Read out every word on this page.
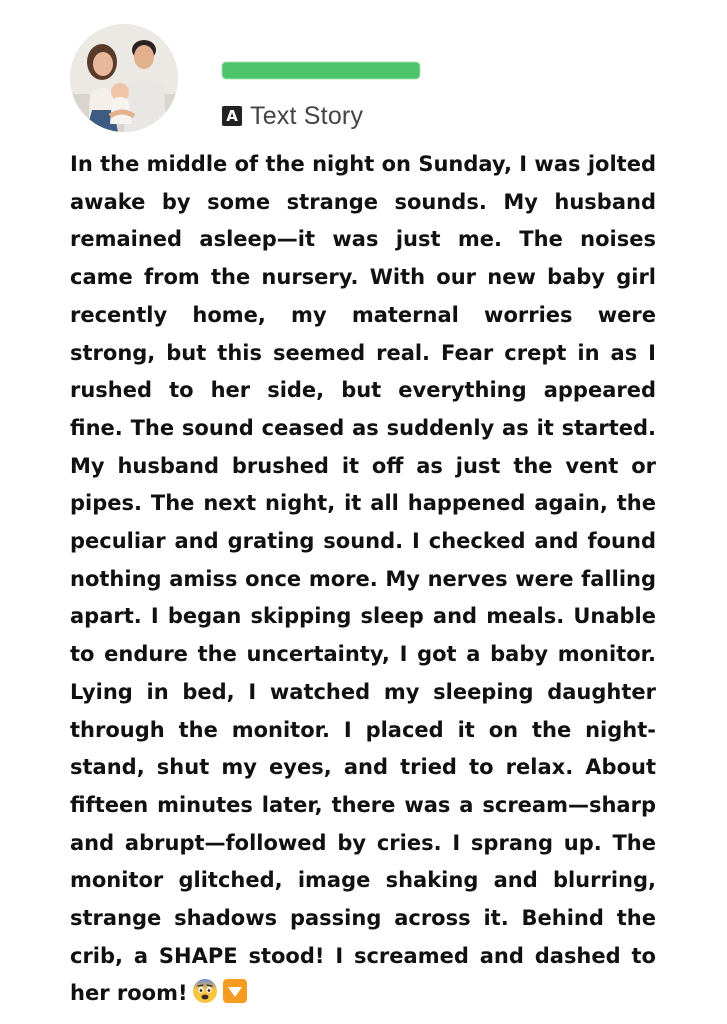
A Text Story

In the middle of the night on Sunday, I was jolted awake by some strange sounds. My husband remained asleep—it was just me. The noises came from the nursery. With our new baby girl recently home, my maternal worries were strong, but this seemed real. Fear crept in as I rushed to her side, but everything appeared fine. The sound ceased as suddenly as it started. My husband brushed it off as just the vent or pipes. The next night, it all happened again, the peculiar and grating sound. I checked and found nothing amiss once more. My nerves were falling apart. I began skipping sleep and meals. Unable to endure the uncertainty, I got a baby monitor. Lying in bed, I watched my sleeping daughter through the monitor. I placed it on the nightstand, shut my eyes, and tried to relax. About fifteen minutes later, there was a scream—sharp and abrupt—followed by cries. I sprang up. The monitor glitched, image shaking and blurring, strange shadows passing across it. Behind the crib, a SHAPE stood! I screamed and dashed to her room!
